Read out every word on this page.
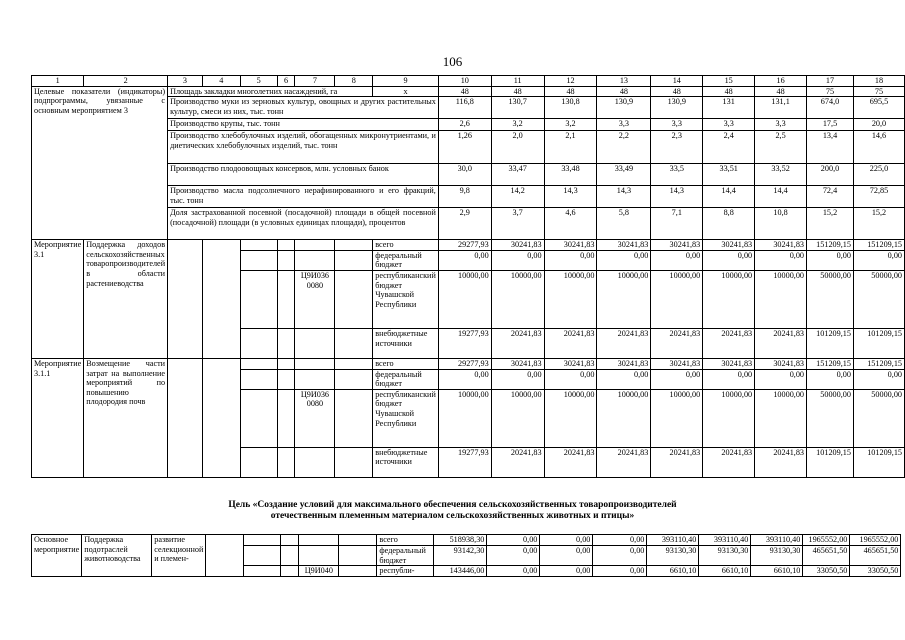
106
1	2	3	4	5	6	7	8	9	10	11	12	13	14	15	16	17	18
Целевые показатели (индикаторы) подпрограммы, увязанные с основным мероприятием 3		Площадь закладки многолетних насаждений, га						x	48	48	48	48	48	48	48	75	75
		Производство муки из зерновых культур, овощных и других растительных культур, смеси из них, тыс. тонн							116,8	130,7	130,8	130,9	130,9	131	131,1	674,0	695,5
		Производство крупы, тыс. тонн							2,6	3,2	3,2	3,3	3,3	3,3	3,3	17,5	20,0
		Производство хлебобулочных изделий, обогащенных микронутриентами, и диетических хлебобулочных изделий, тыс. тонн							1,26	2,0	2,1	2,2	2,3	2,4	2,5	13,4	14,6
		Производство плодоовощных консервов, млн. условных банок							30,0	33,47	33,48	33,49	33,5	33,51	33,52	200,0	225,0
		Производство масла подсолнечного нерафинированного и его фракций, тыс. тонн							9,8	14,2	14,3	14,3	14,3	14,4	14,4	72,4	72,85
		Доля застрахованной посевной (посадочной) площади в общей посевной (посадочной) площади (в условных единицах площади), процентов							2,9	3,7	4,6	5,8	7,1	8,8	10,8	15,2	15,2
Мероприятие 3.1	Поддержка доходов сельскохозяйственных товаропроизводителей в области растениеводства							всего	29277,93	30241,83	30241,83	30241,83	30241,83	30241,83	30241,83	151209,15	151209,15
								федеральный бюджет	0,00	0,00	0,00	0,00	0,00	0,00	0,00	0,00	0,00
						Ц9И036 0080		республиканский бюджет Чувашской Республики	10000,00	10000,00	10000,00	10000,00	10000,00	10000,00	10000,00	50000,00	50000,00
								внебюджетные источники	19277,93	20241,83	20241,83	20241,83	20241,83	20241,83	20241,83	101209,15	101209,15
Мероприятие 3.1.1	Возмещение части затрат на выполнение мероприятий по повышению плодородия почв							всего	29277,93	30241,83	30241,83	30241,83	30241,83	30241,83	30241,83	151209,15	151209,15
								федеральный бюджет	0,00	0,00	0,00	0,00	0,00	0,00	0,00	0,00	0,00
						Ц9И036 0080		республиканский бюджет Чувашской Республики	10000,00	10000,00	10000,00	10000,00	10000,00	10000,00	10000,00	50000,00	50000,00
								внебюджетные источники	19277,93	20241,83	20241,83	20241,83	20241,83	20241,83	20241,83	101209,15	101209,15
Цель «Создание условий для максимального обеспечения сельскохозяйственных товаропроизводителей
отечественным племенным материалом сельскохозяйственных животных и птицы»
Основное мероприятие	Поддержка подотраслей животноводства	развитие селекционной и племен-						всего	518938,30	0,00	0,00	0,00	393110,40	393110,40	393110,40	1965552,00	1965552,00
								федеральный бюджет	93142,30	0,00	0,00	0,00	93130,30	93130,30	93130,30	465651,50	465651,50
						Ц9И040		республи-	143446,00	0,00	0,00	0,00	6610,10	6610,10	6610,10	33050,50	33050,50
